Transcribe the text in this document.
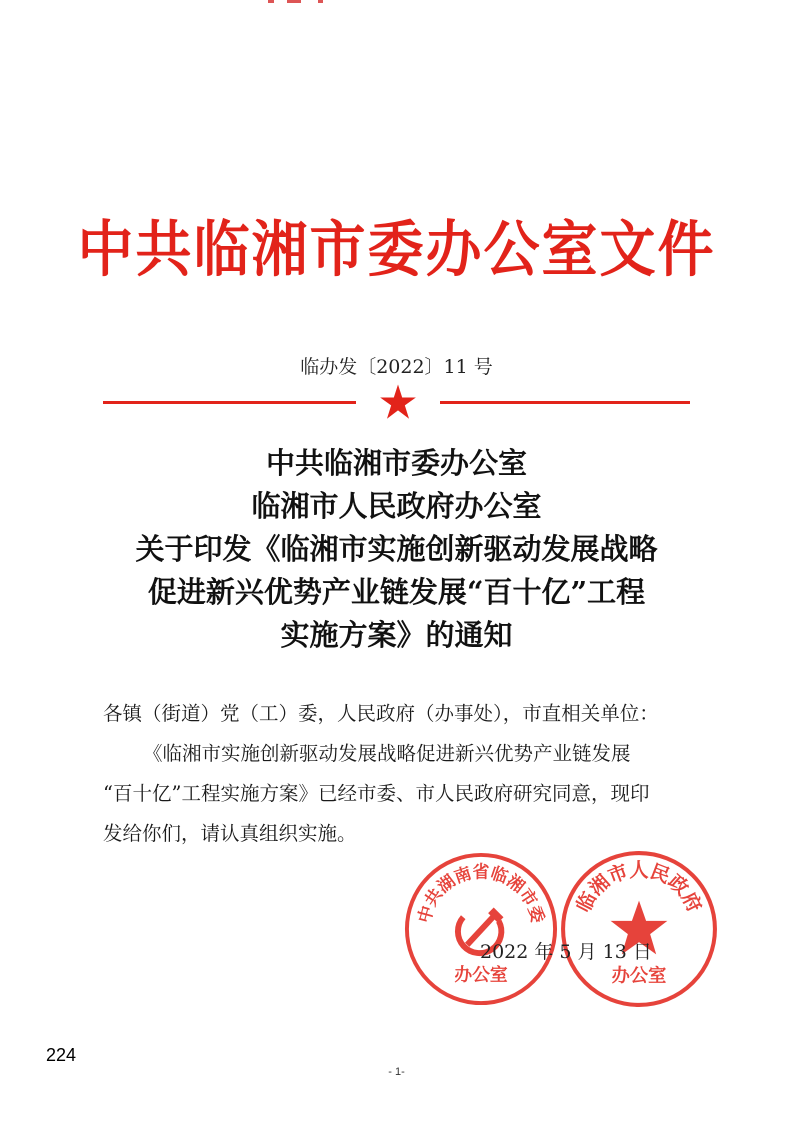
中共临湘市委办公室文件
临办发〔2022〕11 号
中共临湘市委办公室
临湘市人民政府办公室
关于印发《临湘市实施创新驱动发展战略
促进新兴优势产业链发展“百十亿”工程
实施方案》的通知
各镇（街道）党（工）委，人民政府（办事处），市直相关单位：
《临湘市实施创新驱动发展战略促进新兴优势产业链发展
“百十亿”工程实施方案》已经市委、市人民政府研究同意，现印
发给你们，请认真组织实施。
中共湖南省临湘市委
办公室
临湘市人民政府
办公室
2022 年 5 月 13 日
224
- 1-
